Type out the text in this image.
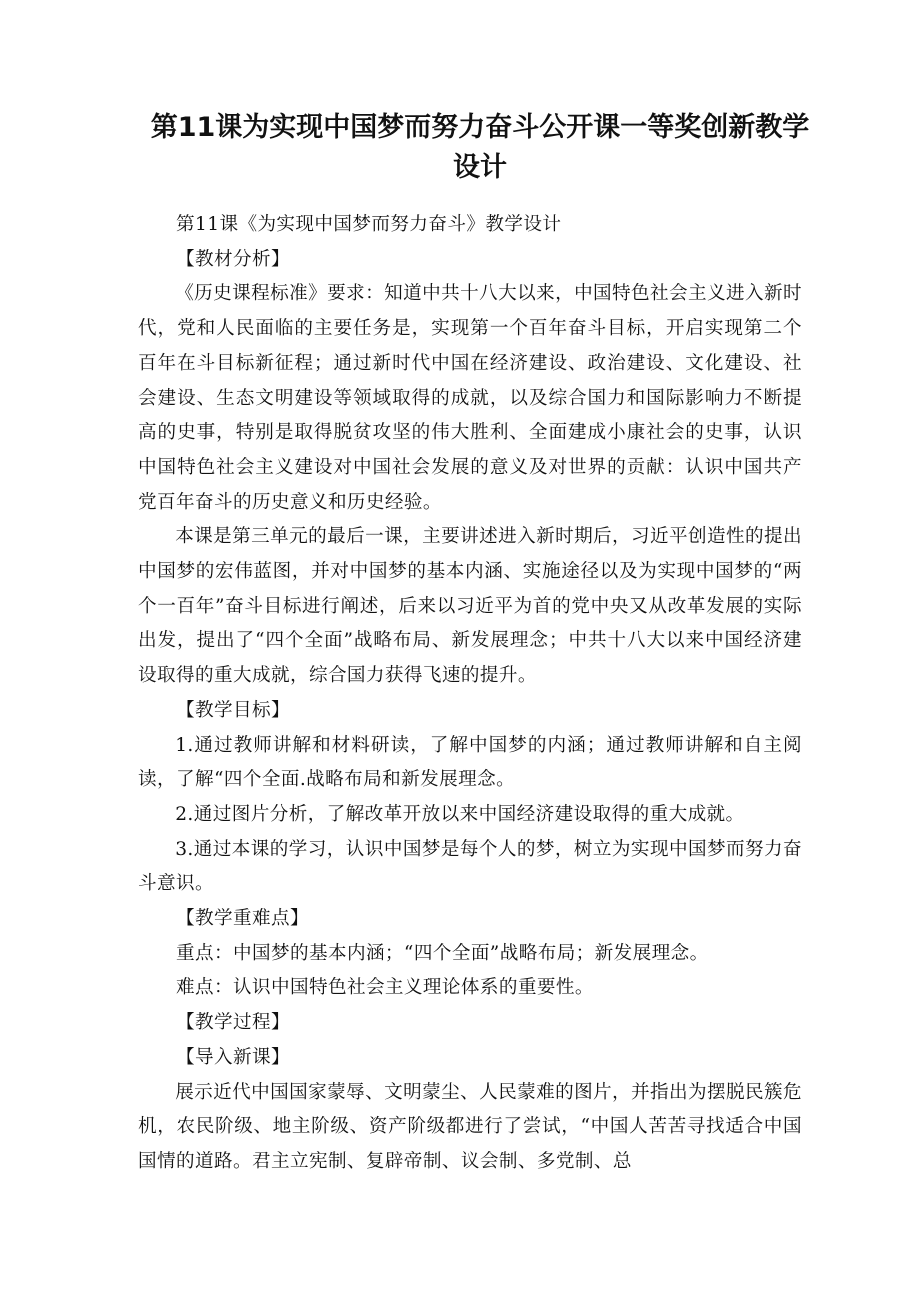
第11课为实现中国梦而努力奋斗公开课一等奖创新教学设计

第11课《为实现中国梦而努力奋斗》教学设计

【教材分析】

《历史课程标准》要求：知道中共十八大以来，中国特色社会主义进入新时代，党和人民面临的主要任务是，实现第一个百年奋斗目标，开启实现第二个百年在斗目标新征程；通过新时代中国在经济建设、政治建设、文化建设、社会建设、生态文明建设等领域取得的成就，以及综合国力和国际影响力不断提高的史事，特别是取得脱贫攻坚的伟大胜利、全面建成小康社会的史事，认识中国特色社会主义建设对中国社会发展的意义及对世界的贡献：认识中国共产党百年奋斗的历史意义和历史经验。

本课是第三单元的最后一课，主要讲述进入新时期后，习近平创造性的提出中国梦的宏伟蓝图，并对中国梦的基本内涵、实施途径以及为实现中国梦的“两个一百年”奋斗目标进行阐述，后来以习近平为首的党中央又从改革发展的实际出发，提出了“四个全面”战略布局、新发展理念；中共十八大以来中国经济建设取得的重大成就，综合国力获得飞速的提升。

【教学目标】

1.通过教师讲解和材料研读，了解中国梦的内涵；通过教师讲解和自主阅读，了解“四个全面.战略布局和新发展理念。

2.通过图片分析，了解改革开放以来中国经济建设取得的重大成就。

3.通过本课的学习，认识中国梦是每个人的梦，树立为实现中国梦而努力奋斗意识。

【教学重难点】

重点：中国梦的基本内涵；“四个全面”战略布局；新发展理念。

难点：认识中国特色社会主义理论体系的重要性。

【教学过程】

【导入新课】

展示近代中国国家蒙辱、文明蒙尘、人民蒙难的图片，并指出为摆脱民簇危机，农民阶级、地主阶级、资产阶级都进行了尝试，“中国人苦苦寻找适合中国国情的道路。君主立宪制、复辟帝制、议会制、多党制、总
